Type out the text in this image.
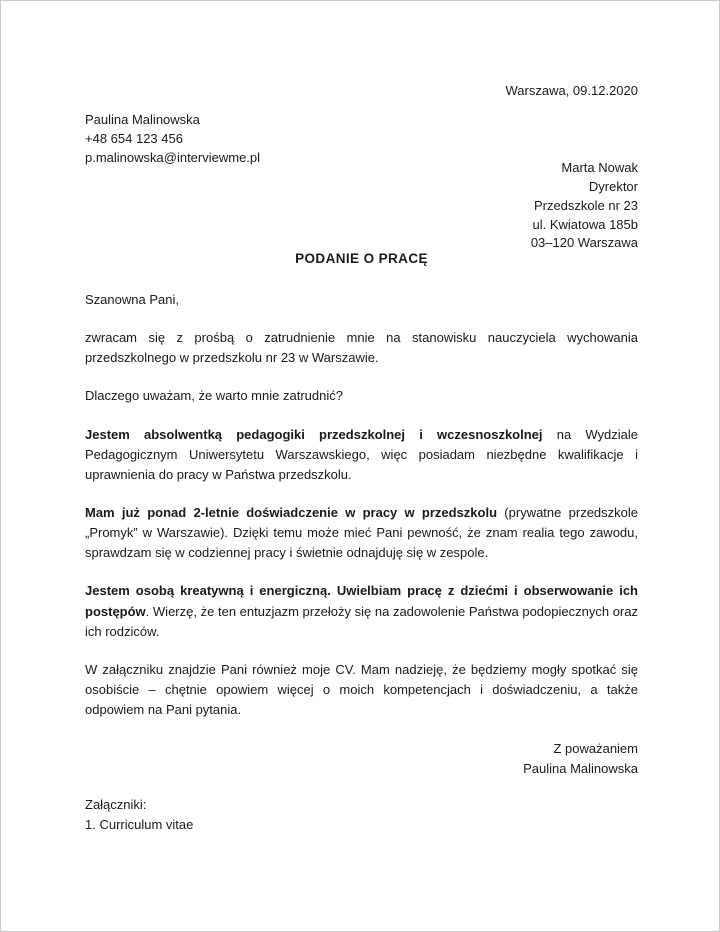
Warszawa, 09.12.2020
Paulina Malinowska
+48 654 123 456
p.malinowska@interviewme.pl
Marta Nowak
Dyrektor
Przedszkole nr 23
ul. Kwiatowa 185b
03–120 Warszawa
PODANIE O PRACĘ

Szanowna Pani,

zwracam się z prośbą o zatrudnienie mnie na stanowisku nauczyciela wychowania przedszkolnego w przedszkolu nr 23 w Warszawie.

Dlaczego uważam, że warto mnie zatrudnić?

Jestem absolwentką pedagogiki przedszkolnej i wczesnoszkolnej na Wydziale Pedagogicznym Uniwersytetu Warszawskiego, więc posiadam niezbędne kwalifikacje i uprawnienia do pracy w Państwa przedszkolu.

Mam już ponad 2-letnie doświadczenie w pracy w przedszkolu (prywatne przedszkole „Promyk” w Warszawie). Dzięki temu może mieć Pani pewność, że znam realia tego zawodu, sprawdzam się w codziennej pracy i świetnie odnajduję się w zespole.

Jestem osobą kreatywną i energiczną. Uwielbiam pracę z dziećmi i obserwowanie ich postępów. Wierzę, że ten entuzjazm przełoży się na zadowolenie Państwa podopiecznych oraz ich rodziców.

W załączniku znajdzie Pani również moje CV. Mam nadzieję, że będziemy mogły spotkać się osobiście – chętnie opowiem więcej o moich kompetencjach i doświadczeniu, a także odpowiem na Pani pytania.

Z poważaniem
Paulina Malinowska
Załączniki:
1. Curriculum vitae
